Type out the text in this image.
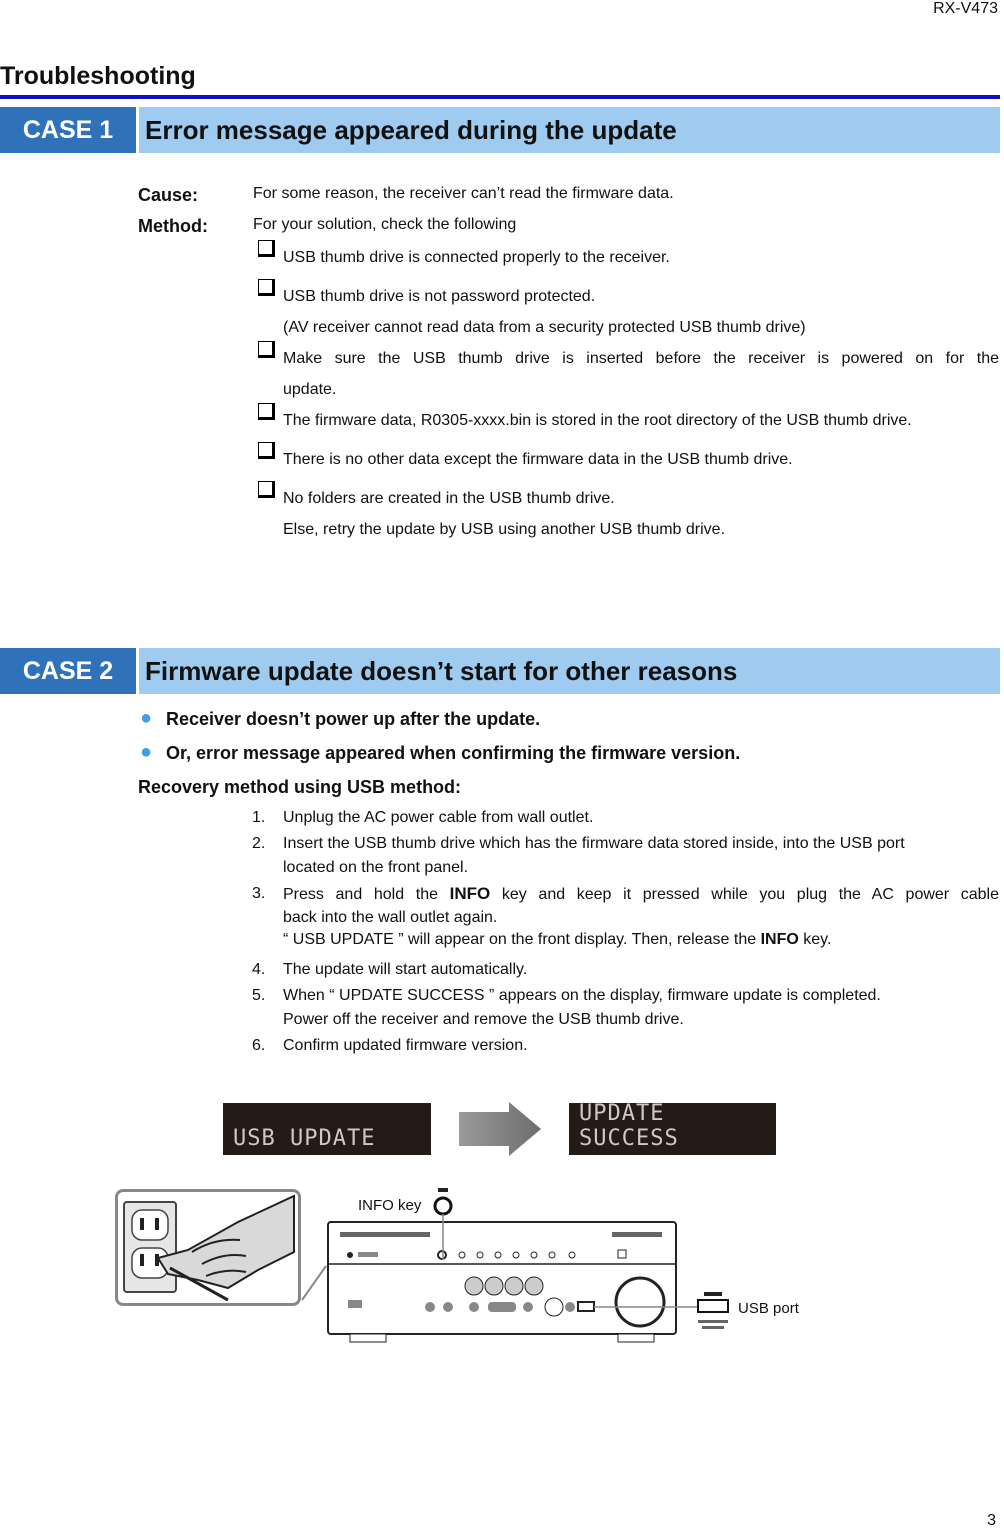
RX-V473
3
Troubleshooting
CASE 1	Error message appeared during the update
Cause:	For some reason, the receiver can’t read the firmware data.
Method:	For your solution, check the following
USB thumb drive is connected properly to the receiver.
USB thumb drive is not password protected.
(AV receiver cannot read data from a security protected USB thumb drive)
Make sure the USB thumb drive is inserted before the receiver is powered on for the
update.
The firmware data, R0305-xxxx.bin is stored in the root directory of the USB thumb drive.
There is no other data except the firmware data in the USB thumb drive.
No folders are created in the USB thumb drive.
Else, retry the update by USB using another USB thumb drive.
CASE 2	Firmware update doesn’t start for other reasons
● Receiver doesn’t power up after the update.
● Or, error message appeared when confirming the firmware version.
Recovery method using USB method:
1.	Unplug the AC power cable from wall outlet.
2.	Insert the USB thumb drive which has the firmware data stored inside, into the USB port
located on the front panel.
3.	Press and hold the INFO key and keep it pressed while you plug the AC power cable
back into the wall outlet again.
“ USB UPDATE ” will appear on the front display. Then, release the INFO key.
4.	The update will start automatically.
5.	When “ UPDATE SUCCESS ” appears on the display, firmware update is completed.
Power off the receiver and remove the USB thumb drive.
6.	Confirm updated firmware version.
USB UPDATE
UPDATE SUCCESS
INFO key
USB port
